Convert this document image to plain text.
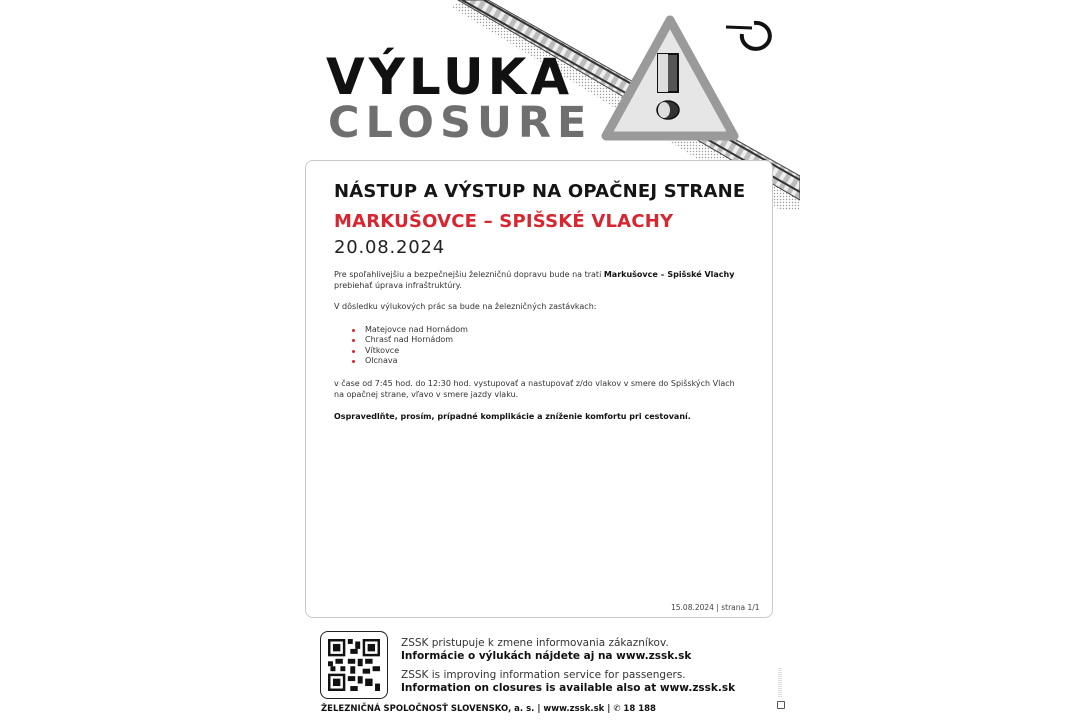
VÝLUKA
CLOSURE
NÁSTUP A VÝSTUP NA OPAČNEJ STRANE
MARKUŠOVCE – SPIŠSKÉ VLACHY
20.08.2024
Pre spoľahlivejšiu a bezpečnejšiu železničnú dopravu bude na trati Markušovce – Spišské Vlachy prebiehať úprava infraštruktúry.
V dôsledku výlukových prác sa bude na železničných zastávkach:
Matejovce nad Hornádom
Chrasť nad Hornádom
Vítkovce
Olcnava
v čase od 7:45 hod. do 12:30 hod. vystupovať a nastupovať z/do vlakov v smere do Spišských Vlach na opačnej strane, vľavo v smere jazdy vlaku.
Ospravedlňte, prosím, prípadné komplikácie a zníženie komfortu pri cestovaní.
15.08.2024 | strana 1/1
ZSSK pristupuje k zmene informovania zákazníkov.
Informácie o výlukách nájdete aj na www.zssk.sk
ZSSK is improving information service for passengers.
Information on closures is available also at www.zssk.sk
ŽELEZNIČNÁ SPOLOČNOSŤ SLOVENSKO, a. s. | www.zssk.sk | ✆ 18 188
